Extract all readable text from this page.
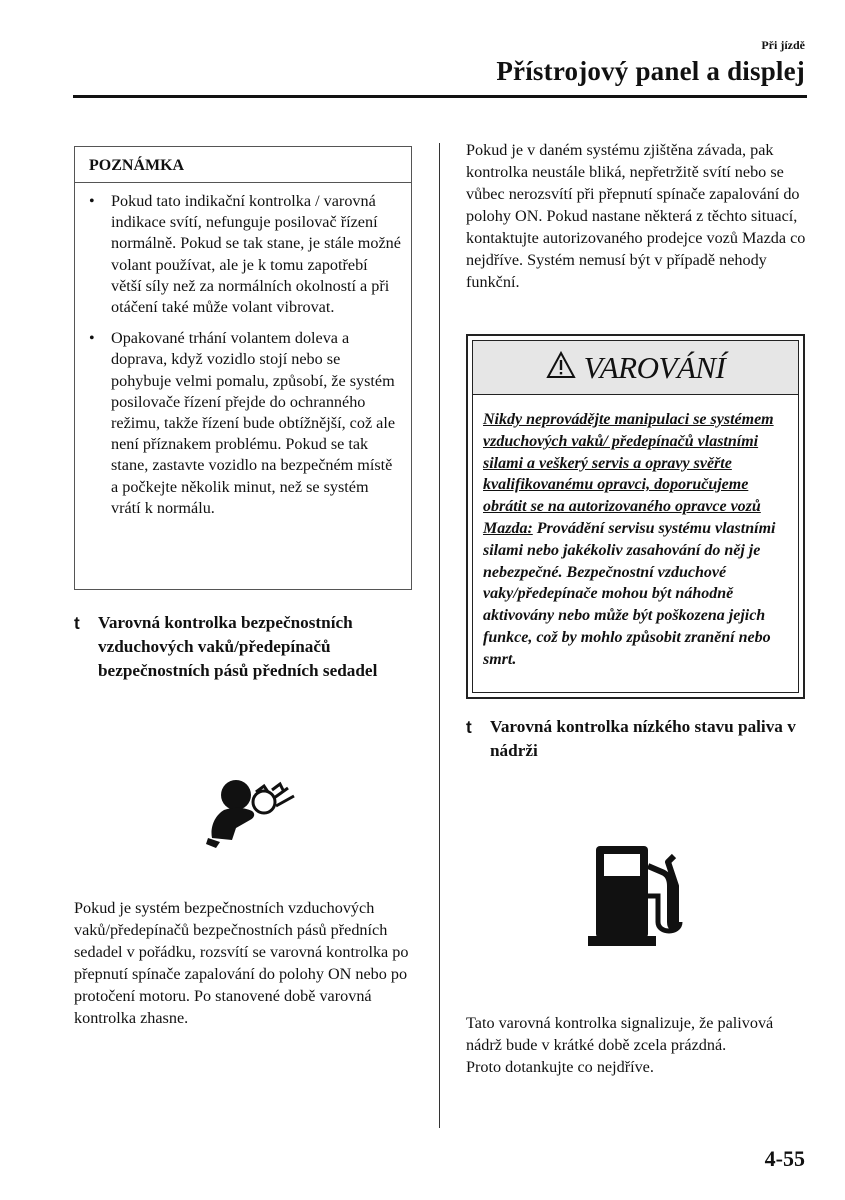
Při jízdě
Přístrojový panel a displej
POZNÁMKA
• Pokud tato indikační kontrolka / varovná indikace svítí, nefunguje posilovač řízení normálně. Pokud se tak stane, je stále možné volant používat, ale je k tomu zapotřebí větší síly než za normálních okolností a při otáčení také může volant vibrovat.
• Opakované trhání volantem doleva a doprava, když vozidlo stojí nebo se pohybuje velmi pomalu, způsobí, že systém posilovače řízení přejde do ochranného režimu, takže řízení bude obtížnější, což ale není příznakem problému. Pokud se tak stane, zastavte vozidlo na bezpečném místě a počkejte několik minut, než se systém vrátí k normálu.
t	Varovná kontrolka bezpečnostních vzduchových vaků/předepínačů bezpečnostních pásů předních sedadel
Pokud je systém bezpečnostních vzduchových vaků/předepínačů bezpečnostních pásů předních sedadel v pořádku, rozsvítí se varovná kontrolka po přepnutí spínače zapalování do polohy ON nebo po protočení motoru. Po stanovené době varovná kontrolka zhasne.
Pokud je v daném systému zjištěna závada, pak kontrolka neustále bliká, nepřetržitě svítí nebo se vůbec nerozsvítí při přepnutí spínače zapalování do polohy ON. Pokud nastane některá z těchto situací, kontaktujte autorizovaného prodejce vozů Mazda co nejdříve. Systém nemusí být v případě nehody funkční.
VAROVÁNÍ
Nikdy neprovádějte manipulaci se systémem vzduchových vaků/ předepínačů vlastními silami a veškerý servis a opravy svěřte kvalifikovanému opravci, doporučujeme obrátit se na autorizovaného opravce vozů Mazda: Provádění servisu systému vlastními silami nebo jakékoliv zasahování do něj je nebezpečné. Bezpečnostní vzduchové vaky/předepínače mohou být náhodně aktivovány nebo může být poškozena jejich funkce, což by mohlo způsobit zranění nebo smrt.
t	Varovná kontrolka nízkého stavu paliva v nádrži
Tato varovná kontrolka signalizuje, že palivová nádrž bude v krátké době zcela prázdná.
Proto dotankujte co nejdříve.
4-55
